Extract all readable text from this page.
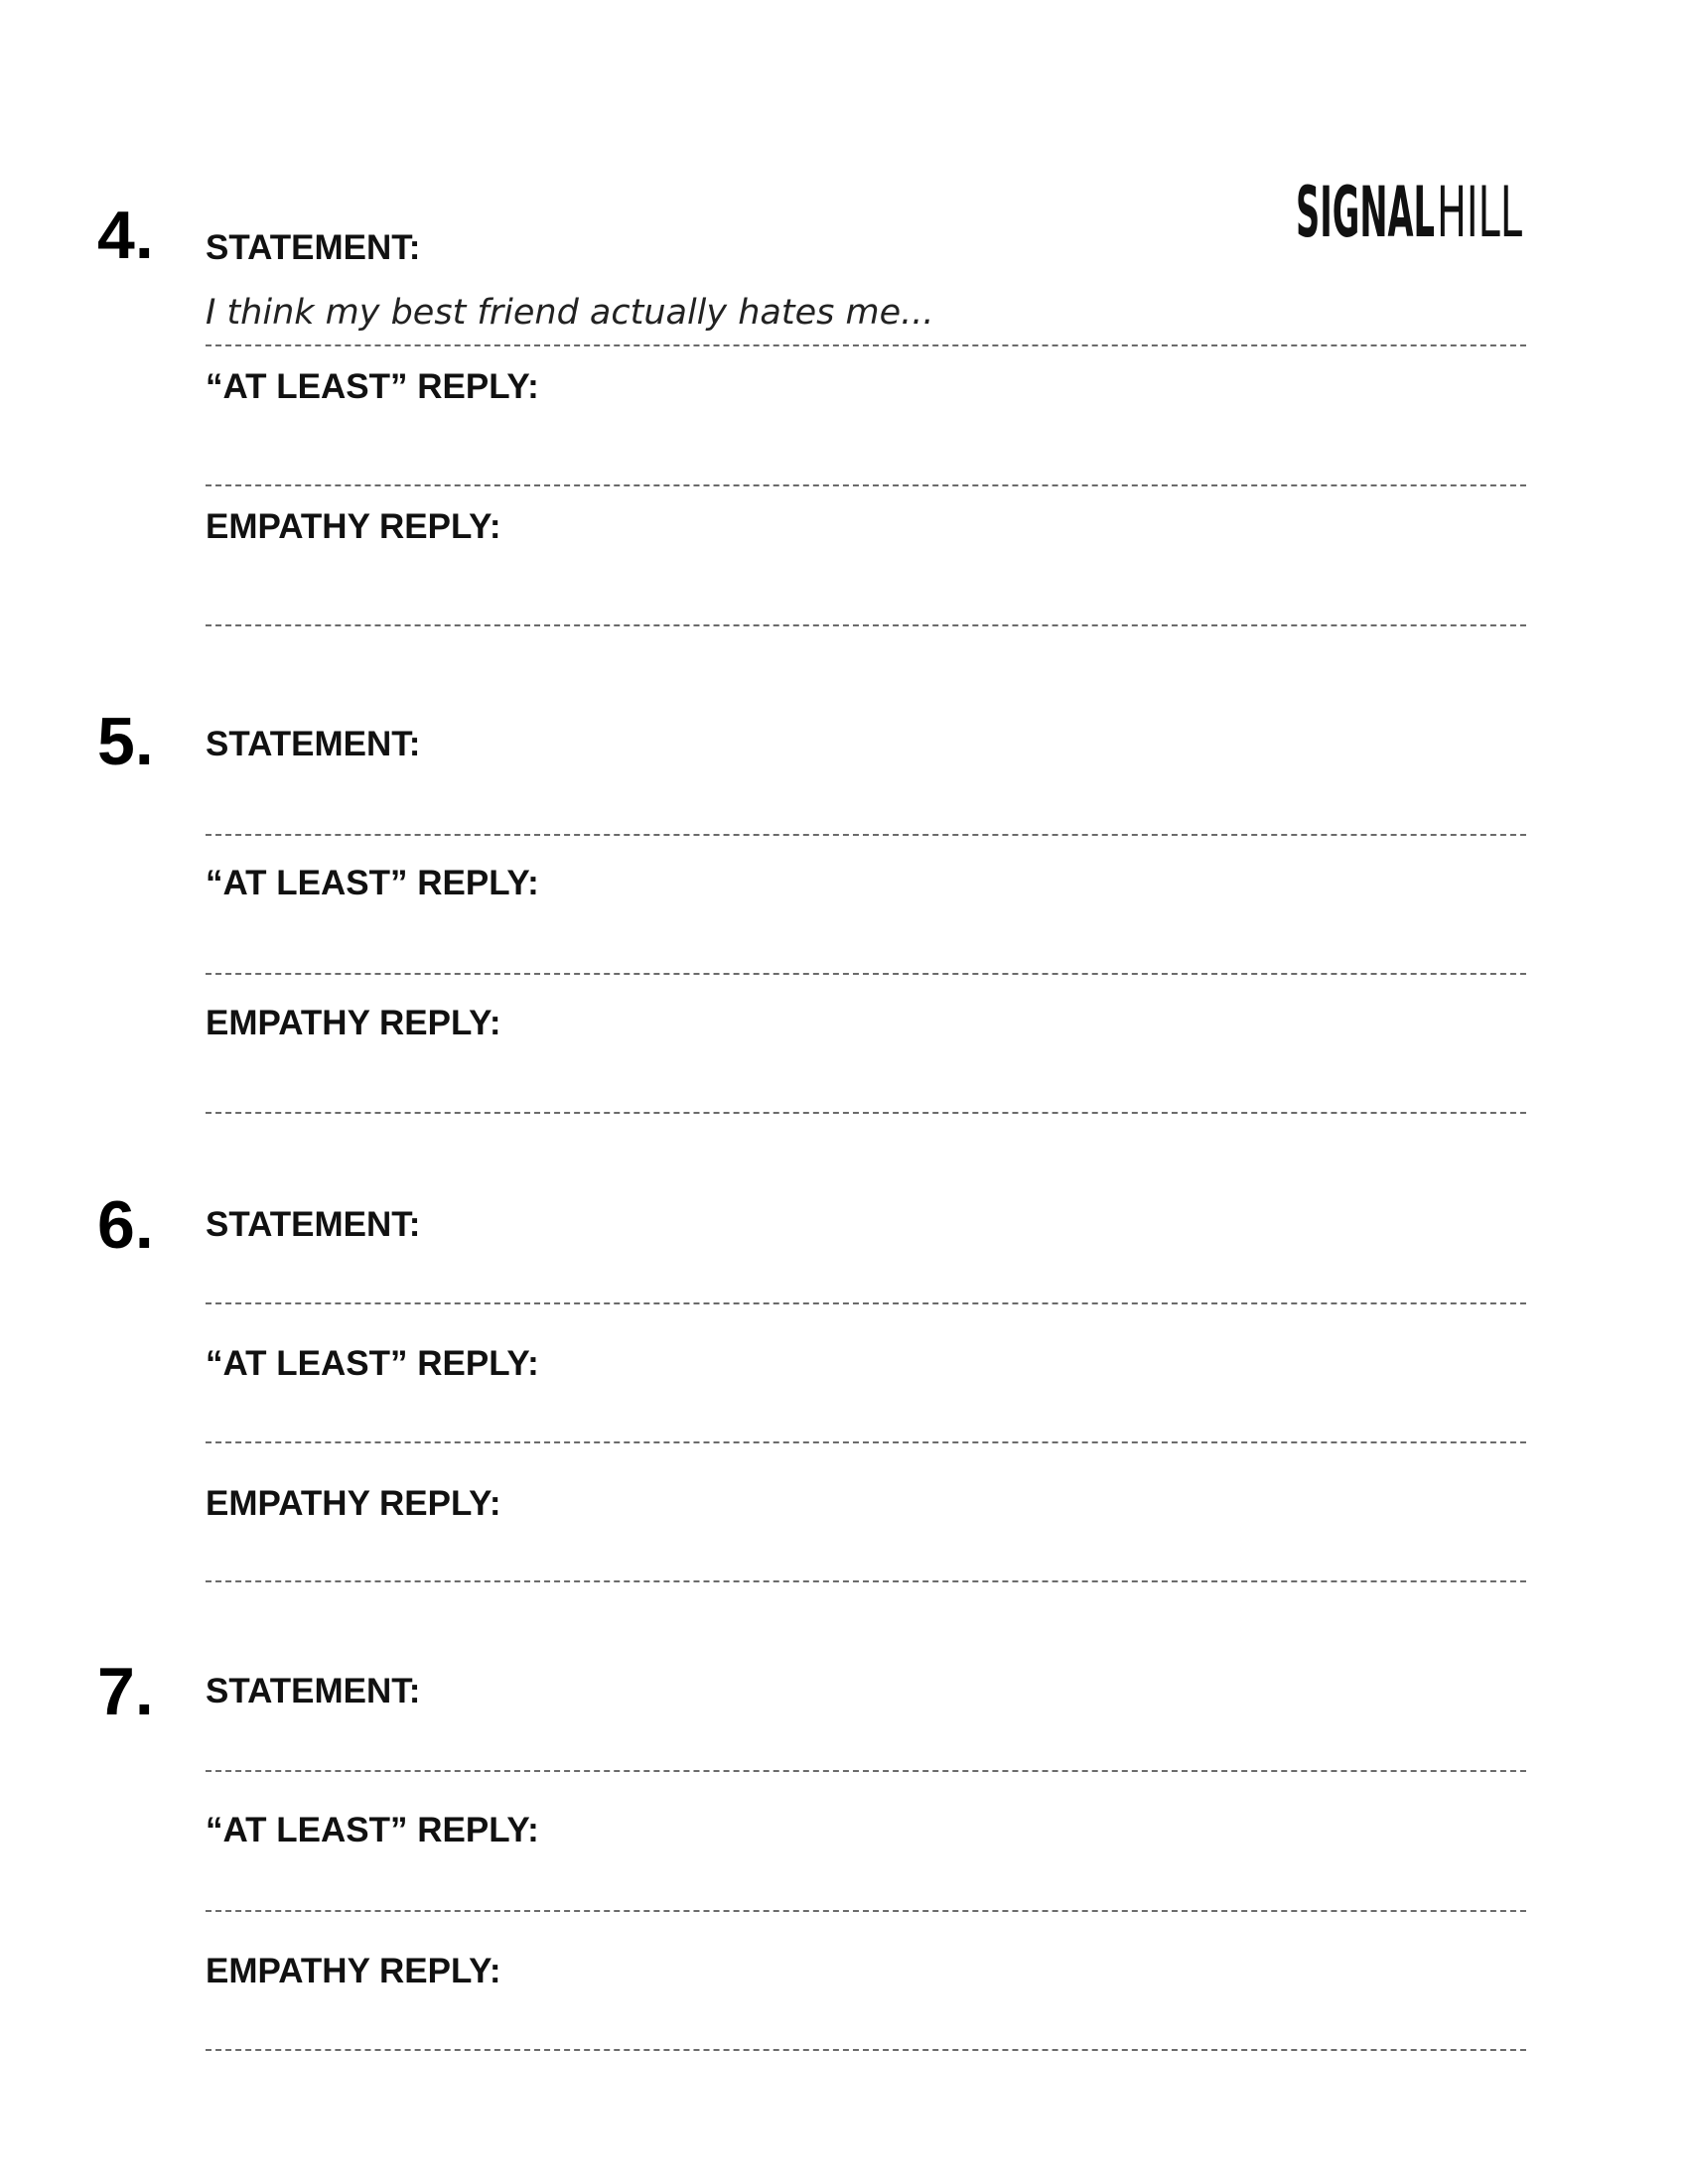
SIGNAL HILL
4. STATEMENT:
I think my best friend actually hates me...
“AT LEAST” REPLY:
EMPATHY REPLY:
5. STATEMENT:
“AT LEAST” REPLY:
EMPATHY REPLY:
6. STATEMENT:
“AT LEAST” REPLY:
EMPATHY REPLY:
7. STATEMENT:
“AT LEAST” REPLY:
EMPATHY REPLY:
